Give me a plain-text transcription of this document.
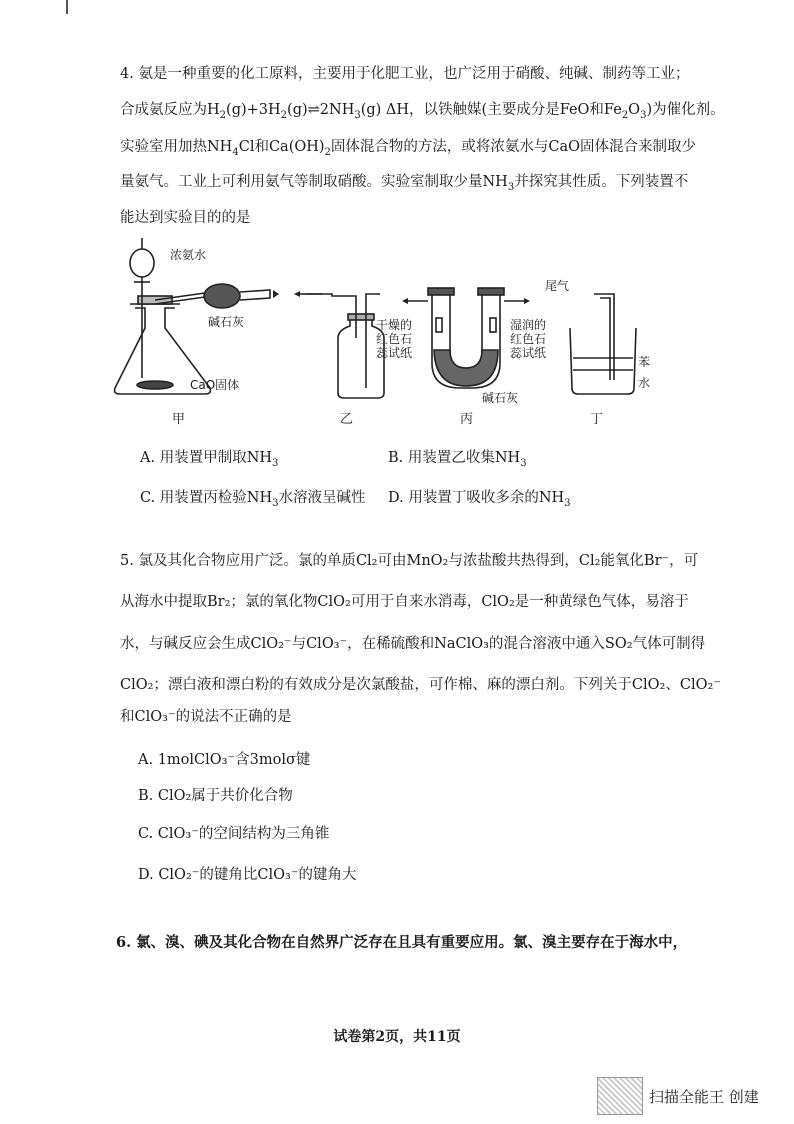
浓氨水
碱石灰
CaO固体
干燥的
红色石
蕊试纸
湿润的
红色石
蕊试纸
碱石灰
尾气
苯
水
甲	乙	丙	丁
A. 用装置甲制取$NH_3$	B. 用装置乙收集$NH_3$
C. 用装置丙检验$NH_3$水溶液呈碱性 D. 用装置丁吸收多余的$NH_3$
5. 氯及其化合物应用广泛。氯的单质Cl₂可由MnO₂与浓盐酸共热得到，Cl₂能氧化Br⁻，可
从海水中提取Br₂；氯的氧化物ClO₂可用于自来水消毒，ClO₂是一种黄绿色气体，易溶于
水，与碱反应会生成ClO₂⁻与ClO₃⁻，在稀硫酸和NaClO₃的混合溶液中通入SO₂气体可制得
ClO₂；漂白液和漂白粉的有效成分是次氯酸盐，可作棉、麻的漂白剂。下列关于ClO₂、ClO₂⁻
和ClO₃⁻的说法不正确的是
A. 1molClO₃⁻含3molσ键
B. ClO₂属于共价化合物
C. ClO₃⁻的空间结构为三角锥
D. ClO₂⁻的键角比ClO₃⁻的键角大
6. 氯、溴、碘及其化合物在自然界广泛存在且具有重要应用。氯、溴主要存在于海水中，
试卷第2页，共11页
扫描全能王 创建
4. 氨是一种重要的化工原料，主要用于化肥工业，也广泛用于硝酸、纯碱、制药等工业；
合成氨反应为$H_2(g)+3H_2(g)\rightleftharpoons 2NH_3(g)$ ΔH，以铁触媒(主要成分是FeO和$Fe_2O_3$)为催化剂。
实验室用加热$NH_4Cl$和$Ca(OH)_2$固体混合物的方法，或将浓氨水与CaO固体混合来制取少
量氨气。工业上可利用氨气等制取硝酸。实验室制取少量$NH_3$并探究其性质。下列装置不
能达到实验目的的是
